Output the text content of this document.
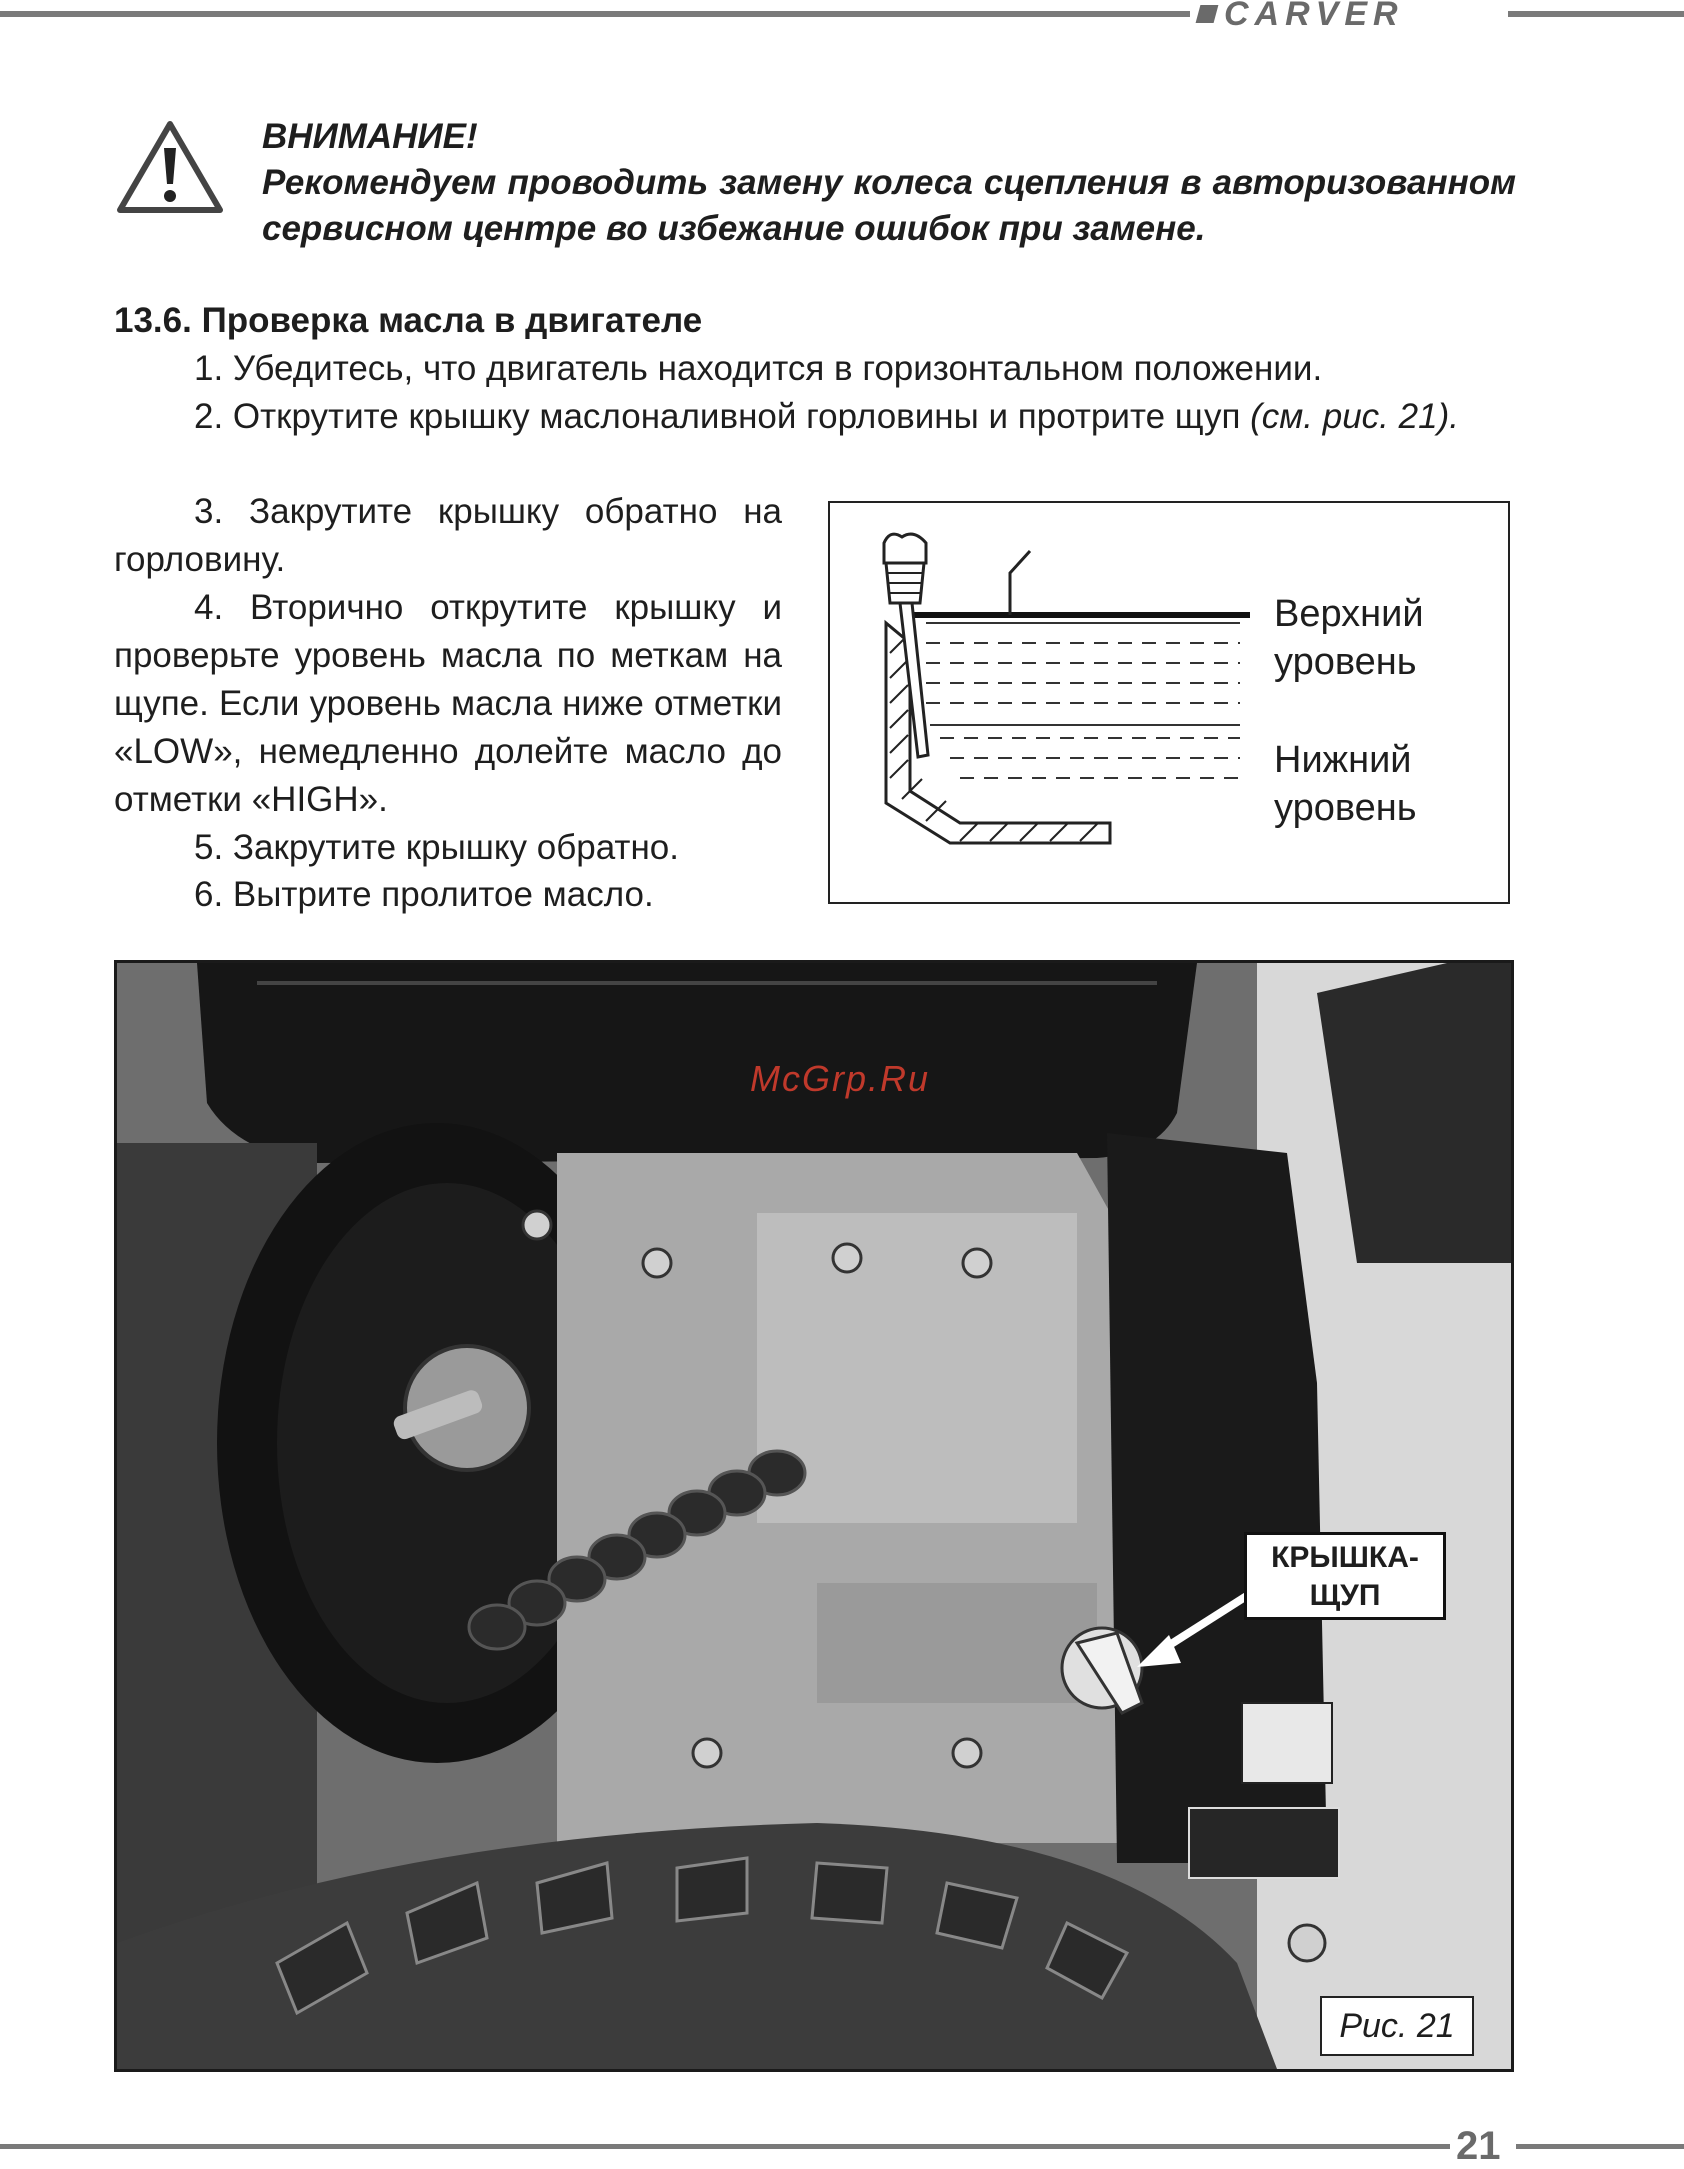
CARVER
ВНИМАНИЕ!
Рекомендуем проводить замену колеса сцепления в авторизованном сервисном центре во избежание ошибок при замене.
13.6. Проверка масла в двигателе
1. Убедитесь, что двигатель находится в горизонтальном положении.
2. Открутите крышку маслоналивной горловины и протрите щуп (см. рис. 21).
3. Закрутите крышку обратно на горловину.
4. Вторично открутите крышку и проверьте уровень масла по меткам на щупе. Если уровень масла ниже отметки «LOW», немедленно долейте масло до отметки «HIGH».
5. Закрутите крышку обратно.
6. Вытрите пролитое масло.
Верхний уровень
Нижний уровень
McGrp.Ru
КРЫШКА-ЩУП
Рис. 21
21
